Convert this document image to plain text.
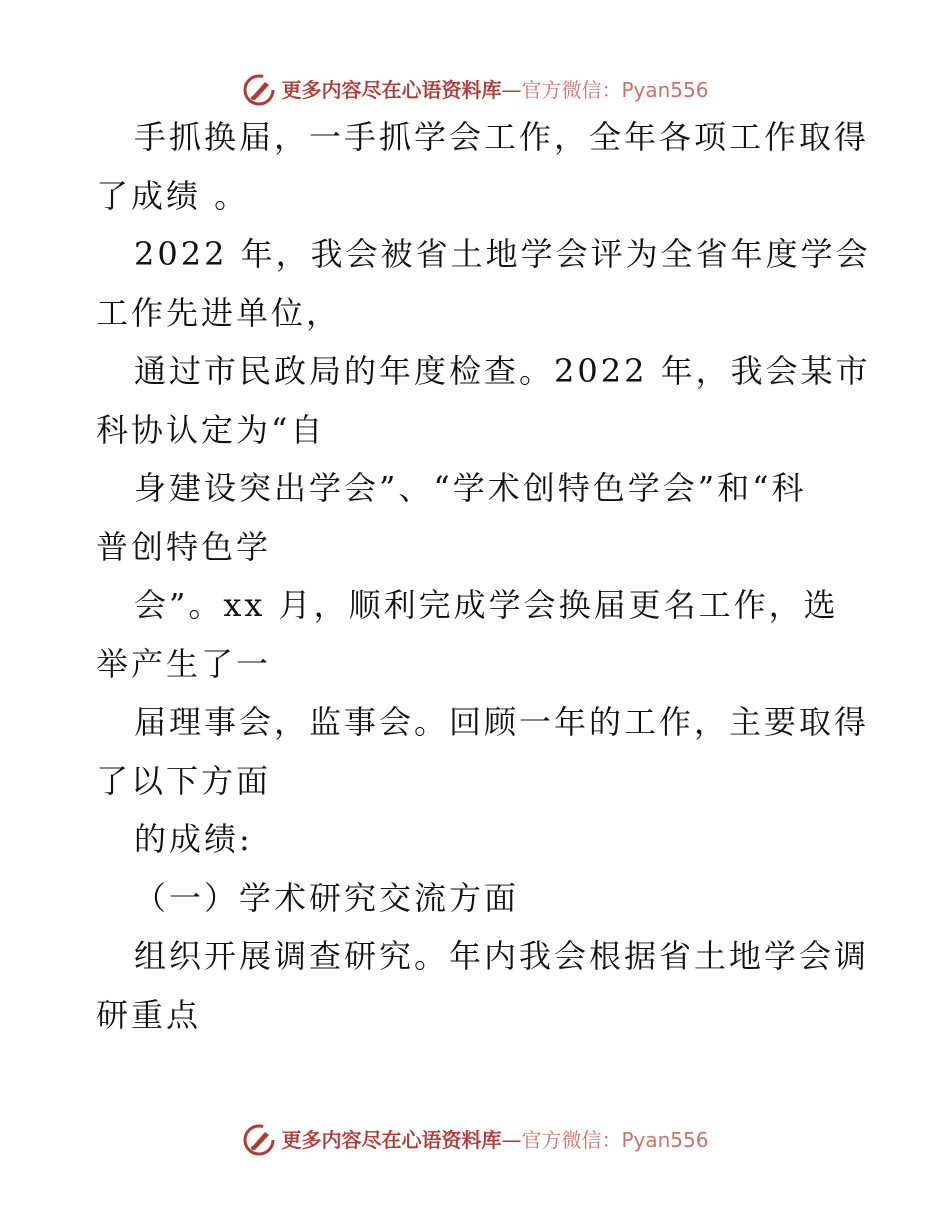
更多内容尽在心语资料库 — 官方微信：Pyan556
手抓换届，一手抓学会工作，全年各项工作取得
了成绩 。
2022 年，我会被省土地学会评为全省年度学会
工作先进单位，
通过市民政局的年度检查。2022 年，我会某市
科协认定为“自
身建设突出学会”、“学术创特色学会”和“科
普创特色学
会”。xx 月，顺利完成学会换届更名工作，选
举产生了一
届理事会，监事会。回顾一年的工作，主要取得
了以下方面
的成绩:
（一）学术研究交流方面
组织开展调查研究。年内我会根据省土地学会调
研重点
更多内容尽在心语资料库 — 官方微信：Pyan556
